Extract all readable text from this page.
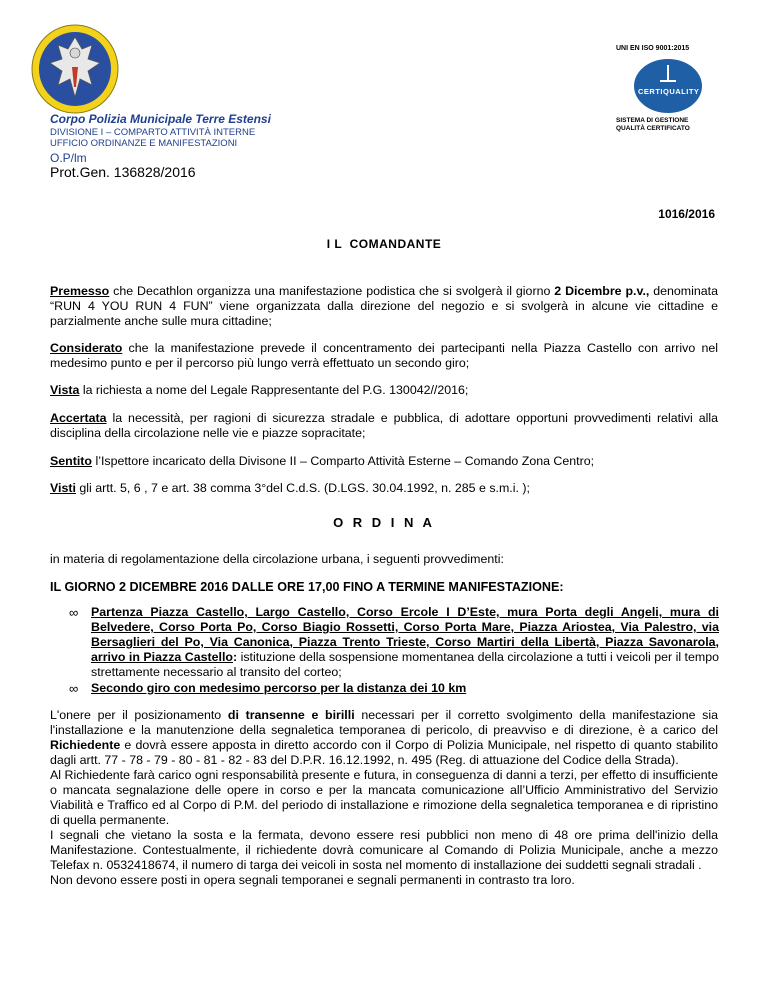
UNI EN ISO 9001:2015
CERTIQUALITY
SISTEMA DI GESTIONE
QUALITÀ CERTIFICATO
Corpo Polizia Municipale Terre Estensi
DIVISIONE I – COMPARTO ATTIVITÀ INTERNE
UFFICIO ORDINANZE E MANIFESTAZIONI
O.P/lm
Prot.Gen. 136828/2016
1016/2016
I L  COMANDANTE
Premesso che Decathlon organizza una manifestazione podistica che si svolgerà il giorno 2 Dicembre p.v., denominata “RUN 4 YOU RUN 4 FUN” viene organizzata dalla direzione del negozio e si svolgerà in alcune vie cittadine e parzialmente anche sulle mura cittadine;
Considerato che la manifestazione prevede il concentramento dei partecipanti nella Piazza Castello con arrivo nel medesimo punto e per il percorso più lungo verrà effettuato un secondo giro;
Vista la richiesta a nome del Legale Rappresentante del P.G. 130042//2016;
Accertata la necessità, per ragioni di sicurezza stradale e pubblica, di adottare opportuni provvedimenti relativi alla disciplina della circolazione nelle vie e piazze sopracitate;
Sentito l’Ispettore incaricato della Divisone II – Comparto Attività Esterne – Comando Zona Centro;
Visti gli artt. 5, 6 , 7 e art. 38 comma 3°del C.d.S. (D.LGS. 30.04.1992, n. 285 e s.m.i. );
O R D I N A
in materia di regolamentazione della circolazione urbana, i seguenti provvedimenti:
IL GIORNO 2 DICEMBRE 2016 DALLE ORE 17,00 FINO A TERMINE MANIFESTAZIONE:
∞ Partenza Piazza Castello, Largo Castello, Corso Ercole I D’Este, mura Porta degli Angeli, mura di Belvedere, Corso Porta Po, Corso Biagio Rossetti, Corso Porta Mare, Piazza Ariostea, Via Palestro, via Bersaglieri del Po, Via Canonica, Piazza Trento Trieste, Corso Martiri della Libertà, Piazza Savonarola, arrivo in Piazza Castello: istituzione della sospensione momentanea della circolazione a tutti i veicoli per il tempo strettamente necessario al transito del corteo;
∞ Secondo giro con medesimo percorso per la distanza dei 10 km

L'onere per il posizionamento di transenne e birilli necessari per il corretto svolgimento della manifestazione sia l'installazione e la manutenzione della segnaletica temporanea di pericolo, di preavviso e di direzione, è a carico del Richiedente e dovrà essere apposta in diretto accordo con il Corpo di Polizia Municipale, nel rispetto di quanto stabilito dagli artt. 77 - 78 - 79 - 80 - 81 - 82 - 83 del D.P.R. 16.12.1992, n. 495 (Reg. di attuazione del Codice della Strada).

Al Richiedente farà carico ogni responsabilità presente e futura, in conseguenza di danni a terzi, per effetto di insufficiente o mancata segnalazione delle opere in corso e per la mancata comunicazione all’Ufficio Amministrativo del Servizio Viabilità e Traffico ed al Corpo di P.M. del periodo di installazione e rimozione della segnaletica temporanea e di ripristino di quella permanente.

I segnali che vietano la sosta e la fermata, devono essere resi pubblici non meno di 48 ore prima dell'inizio della Manifestazione. Contestualmente, il richiedente dovrà comunicare al Comando di Polizia Municipale, anche a mezzo Telefax n. 0532418674, il numero di targa dei veicoli in sosta nel momento di installazione dei suddetti segnali stradali .

Non devono essere posti in opera segnali temporanei e segnali permanenti in contrasto tra loro.
